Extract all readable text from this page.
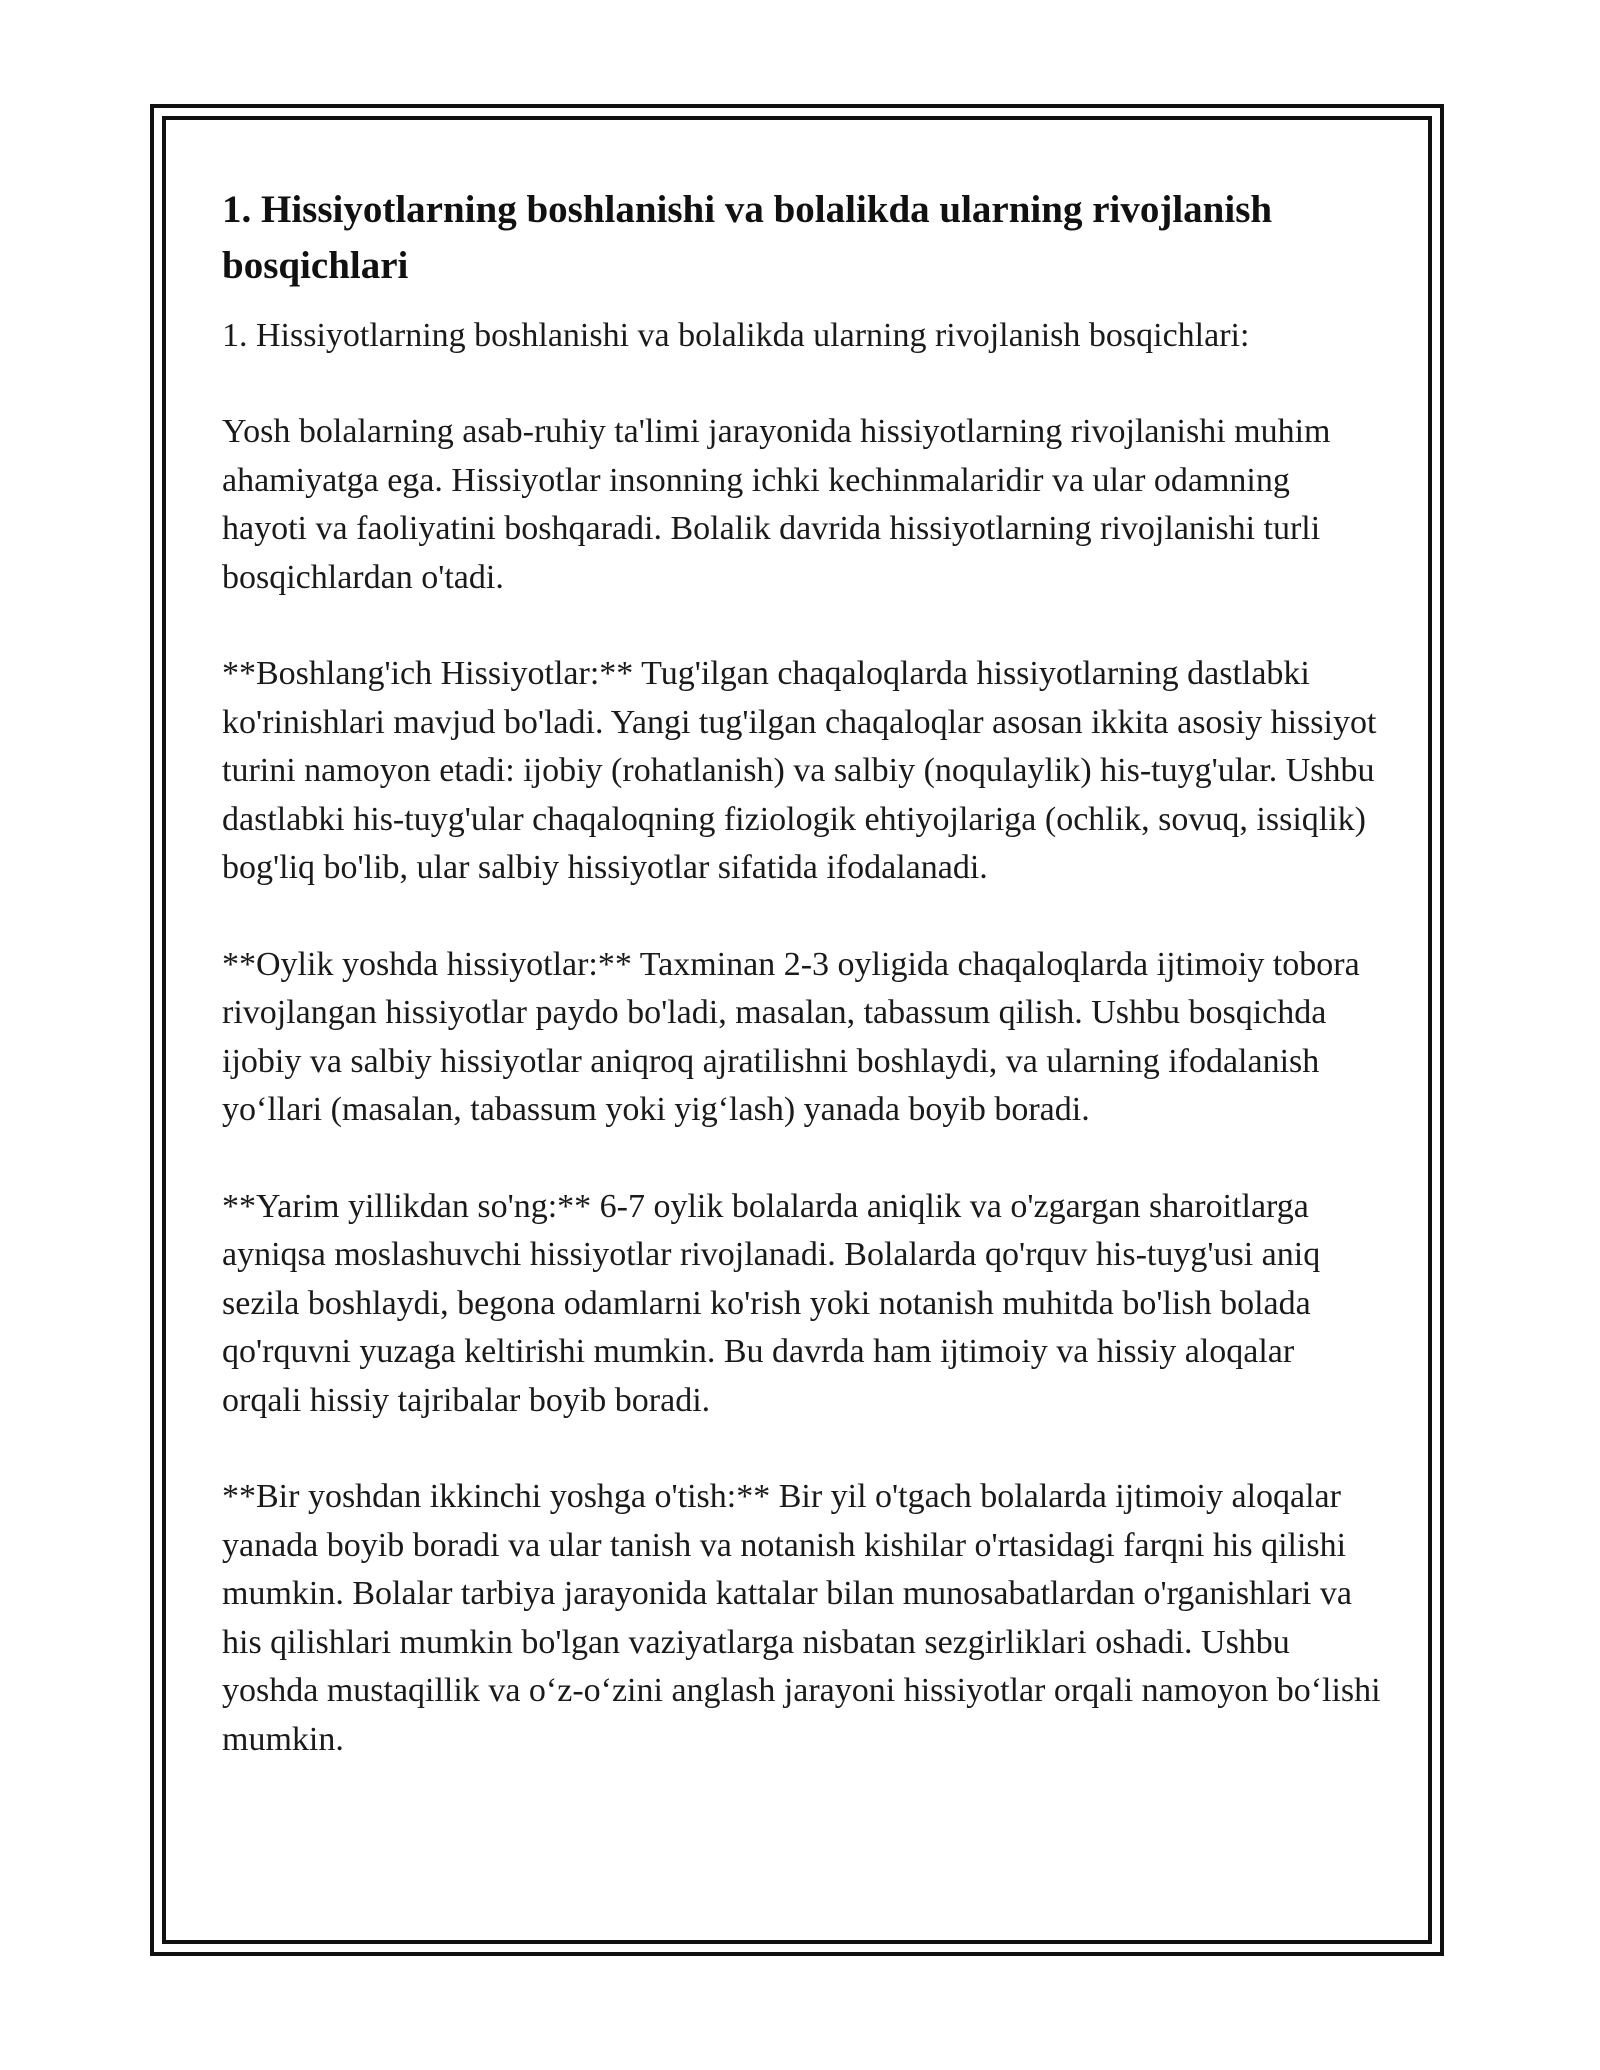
1. Hissiyotlarning boshlanishi va bolalikda ularning rivojlanish bosqichlari

1. Hissiyotlarning boshlanishi va bolalikda ularning rivojlanish bosqichlari:

Yosh bolalarning asab-ruhiy ta'limi jarayonida hissiyotlarning rivojlanishi muhim ahamiyatga ega. Hissiyotlar insonning ichki kechinmalaridir va ular odamning hayoti va faoliyatini boshqaradi. Bolalik davrida hissiyotlarning rivojlanishi turli bosqichlardan o'tadi.

**Boshlang'ich Hissiyotlar:** Tug'ilgan chaqaloqlarda hissiyotlarning dastlabki ko'rinishlari mavjud bo'ladi. Yangi tug'ilgan chaqaloqlar asosan ikkita asosiy hissiyot turini namoyon etadi: ijobiy (rohatlanish) va salbiy (noqulaylik) his-tuyg'ular. Ushbu dastlabki his-tuyg'ular chaqaloqning fiziologik ehtiyojlariga (ochlik, sovuq, issiqlik) bog'liq bo'lib, ular salbiy hissiyotlar sifatida ifodalanadi.

**Oylik yoshda hissiyotlar:** Taxminan 2-3 oyligida chaqaloqlarda ijtimoiy tobora rivojlangan hissiyotlar paydo bo'ladi, masalan, tabassum qilish. Ushbu bosqichda ijobiy va salbiy hissiyotlar aniqroq ajratilishni boshlaydi, va ularning ifodalanish yo‘llari (masalan, tabassum yoki yig‘lash) yanada boyib boradi.

**Yarim yillikdan so'ng:** 6-7 oylik bolalarda aniqlik va o'zgargan sharoitlarga ayniqsa moslashuvchi hissiyotlar rivojlanadi. Bolalarda qo'rquv his-tuyg'usi aniq sezila boshlaydi, begona odamlarni ko'rish yoki notanish muhitda bo'lish bolada qo'rquvni yuzaga keltirishi mumkin. Bu davrda ham ijtimoiy va hissiy aloqalar orqali hissiy tajribalar boyib boradi.

**Bir yoshdan ikkinchi yoshga o'tish:** Bir yil o'tgach bolalarda ijtimoiy aloqalar yanada boyib boradi va ular tanish va notanish kishilar o'rtasidagi farqni his qilishi mumkin. Bolalar tarbiya jarayonida kattalar bilan munosabatlardan o'rganishlari va his qilishlari mumkin bo'lgan vaziyatlarga nisbatan sezgirliklari oshadi. Ushbu yoshda mustaqillik va o‘z-o‘zini anglash jarayoni hissiyotlar orqali namoyon bo‘lishi mumkin.
